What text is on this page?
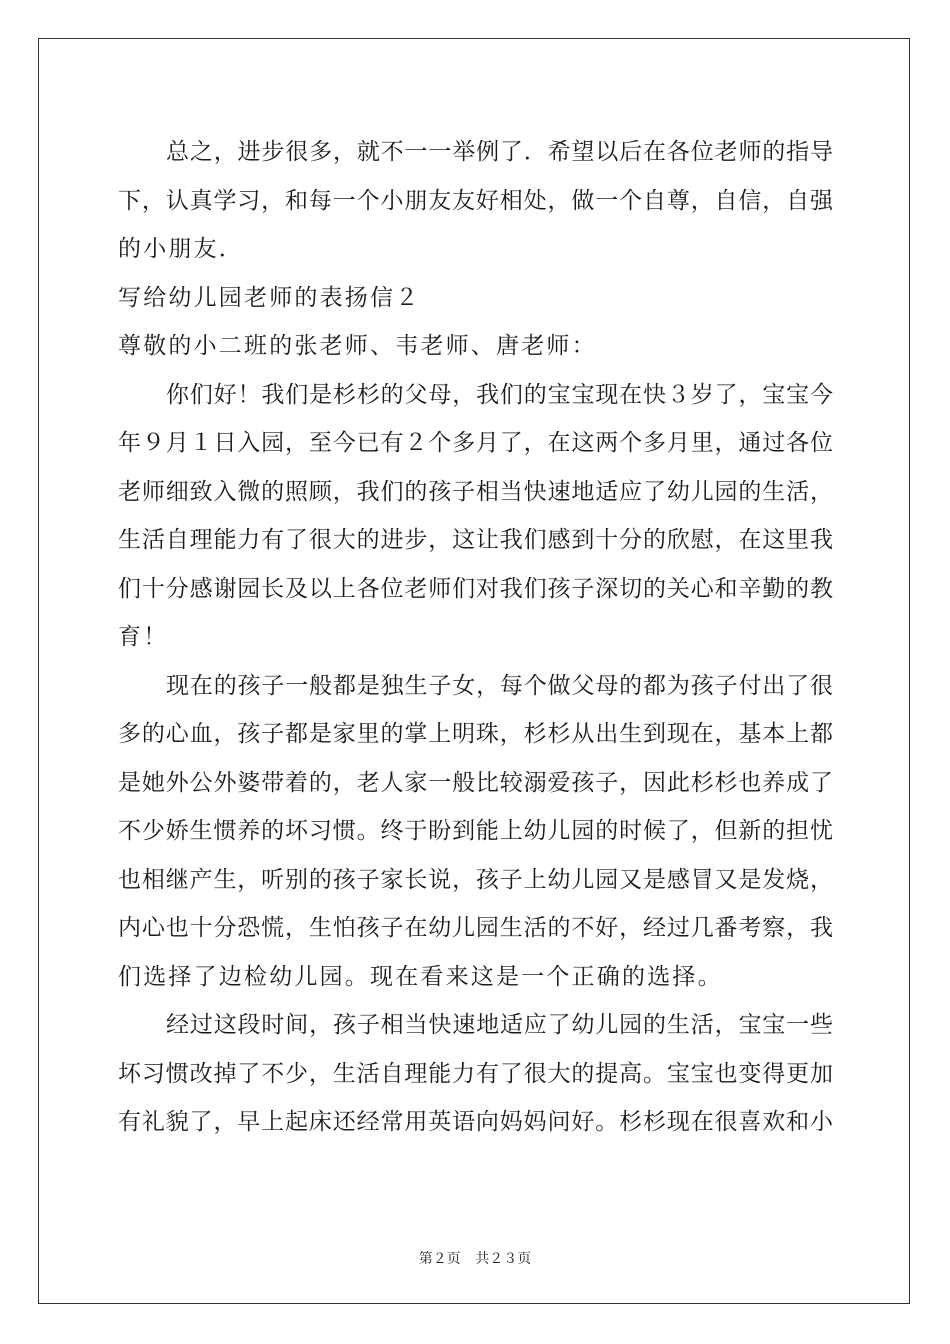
总之，进步很多，就不一一举例了．希望以后在各位老师的指导
下，认真学习，和每一个小朋友友好相处，做一个自尊，自信，自强
的小朋友．
写给幼儿园老师的表扬信２
尊敬的小二班的张老师、韦老师、唐老师：
你们好！我们是杉杉的父母，我们的宝宝现在快３岁了，宝宝今
年９月１日入园，至今已有２个多月了，在这两个多月里，通过各位
老师细致入微的照顾，我们的孩子相当快速地适应了幼儿园的生活，
生活自理能力有了很大的进步，这让我们感到十分的欣慰，在这里我
们十分感谢园长及以上各位老师们对我们孩子深切的关心和辛勤的教
育！
现在的孩子一般都是独生子女，每个做父母的都为孩子付出了很
多的心血，孩子都是家里的掌上明珠，杉杉从出生到现在，基本上都
是她外公外婆带着的，老人家一般比较溺爱孩子，因此杉杉也养成了
不少娇生惯养的坏习惯。终于盼到能上幼儿园的时候了，但新的担忧
也相继产生，听别的孩子家长说，孩子上幼儿园又是感冒又是发烧，
内心也十分恐慌，生怕孩子在幼儿园生活的不好，经过几番考察，我
们选择了边检幼儿园。现在看来这是一个正确的选择。
经过这段时间，孩子相当快速地适应了幼儿园的生活，宝宝一些
坏习惯改掉了不少，生活自理能力有了很大的提高。宝宝也变得更加
有礼貌了，早上起床还经常用英语向妈妈问好。杉杉现在很喜欢和小
第２页 共２３页
